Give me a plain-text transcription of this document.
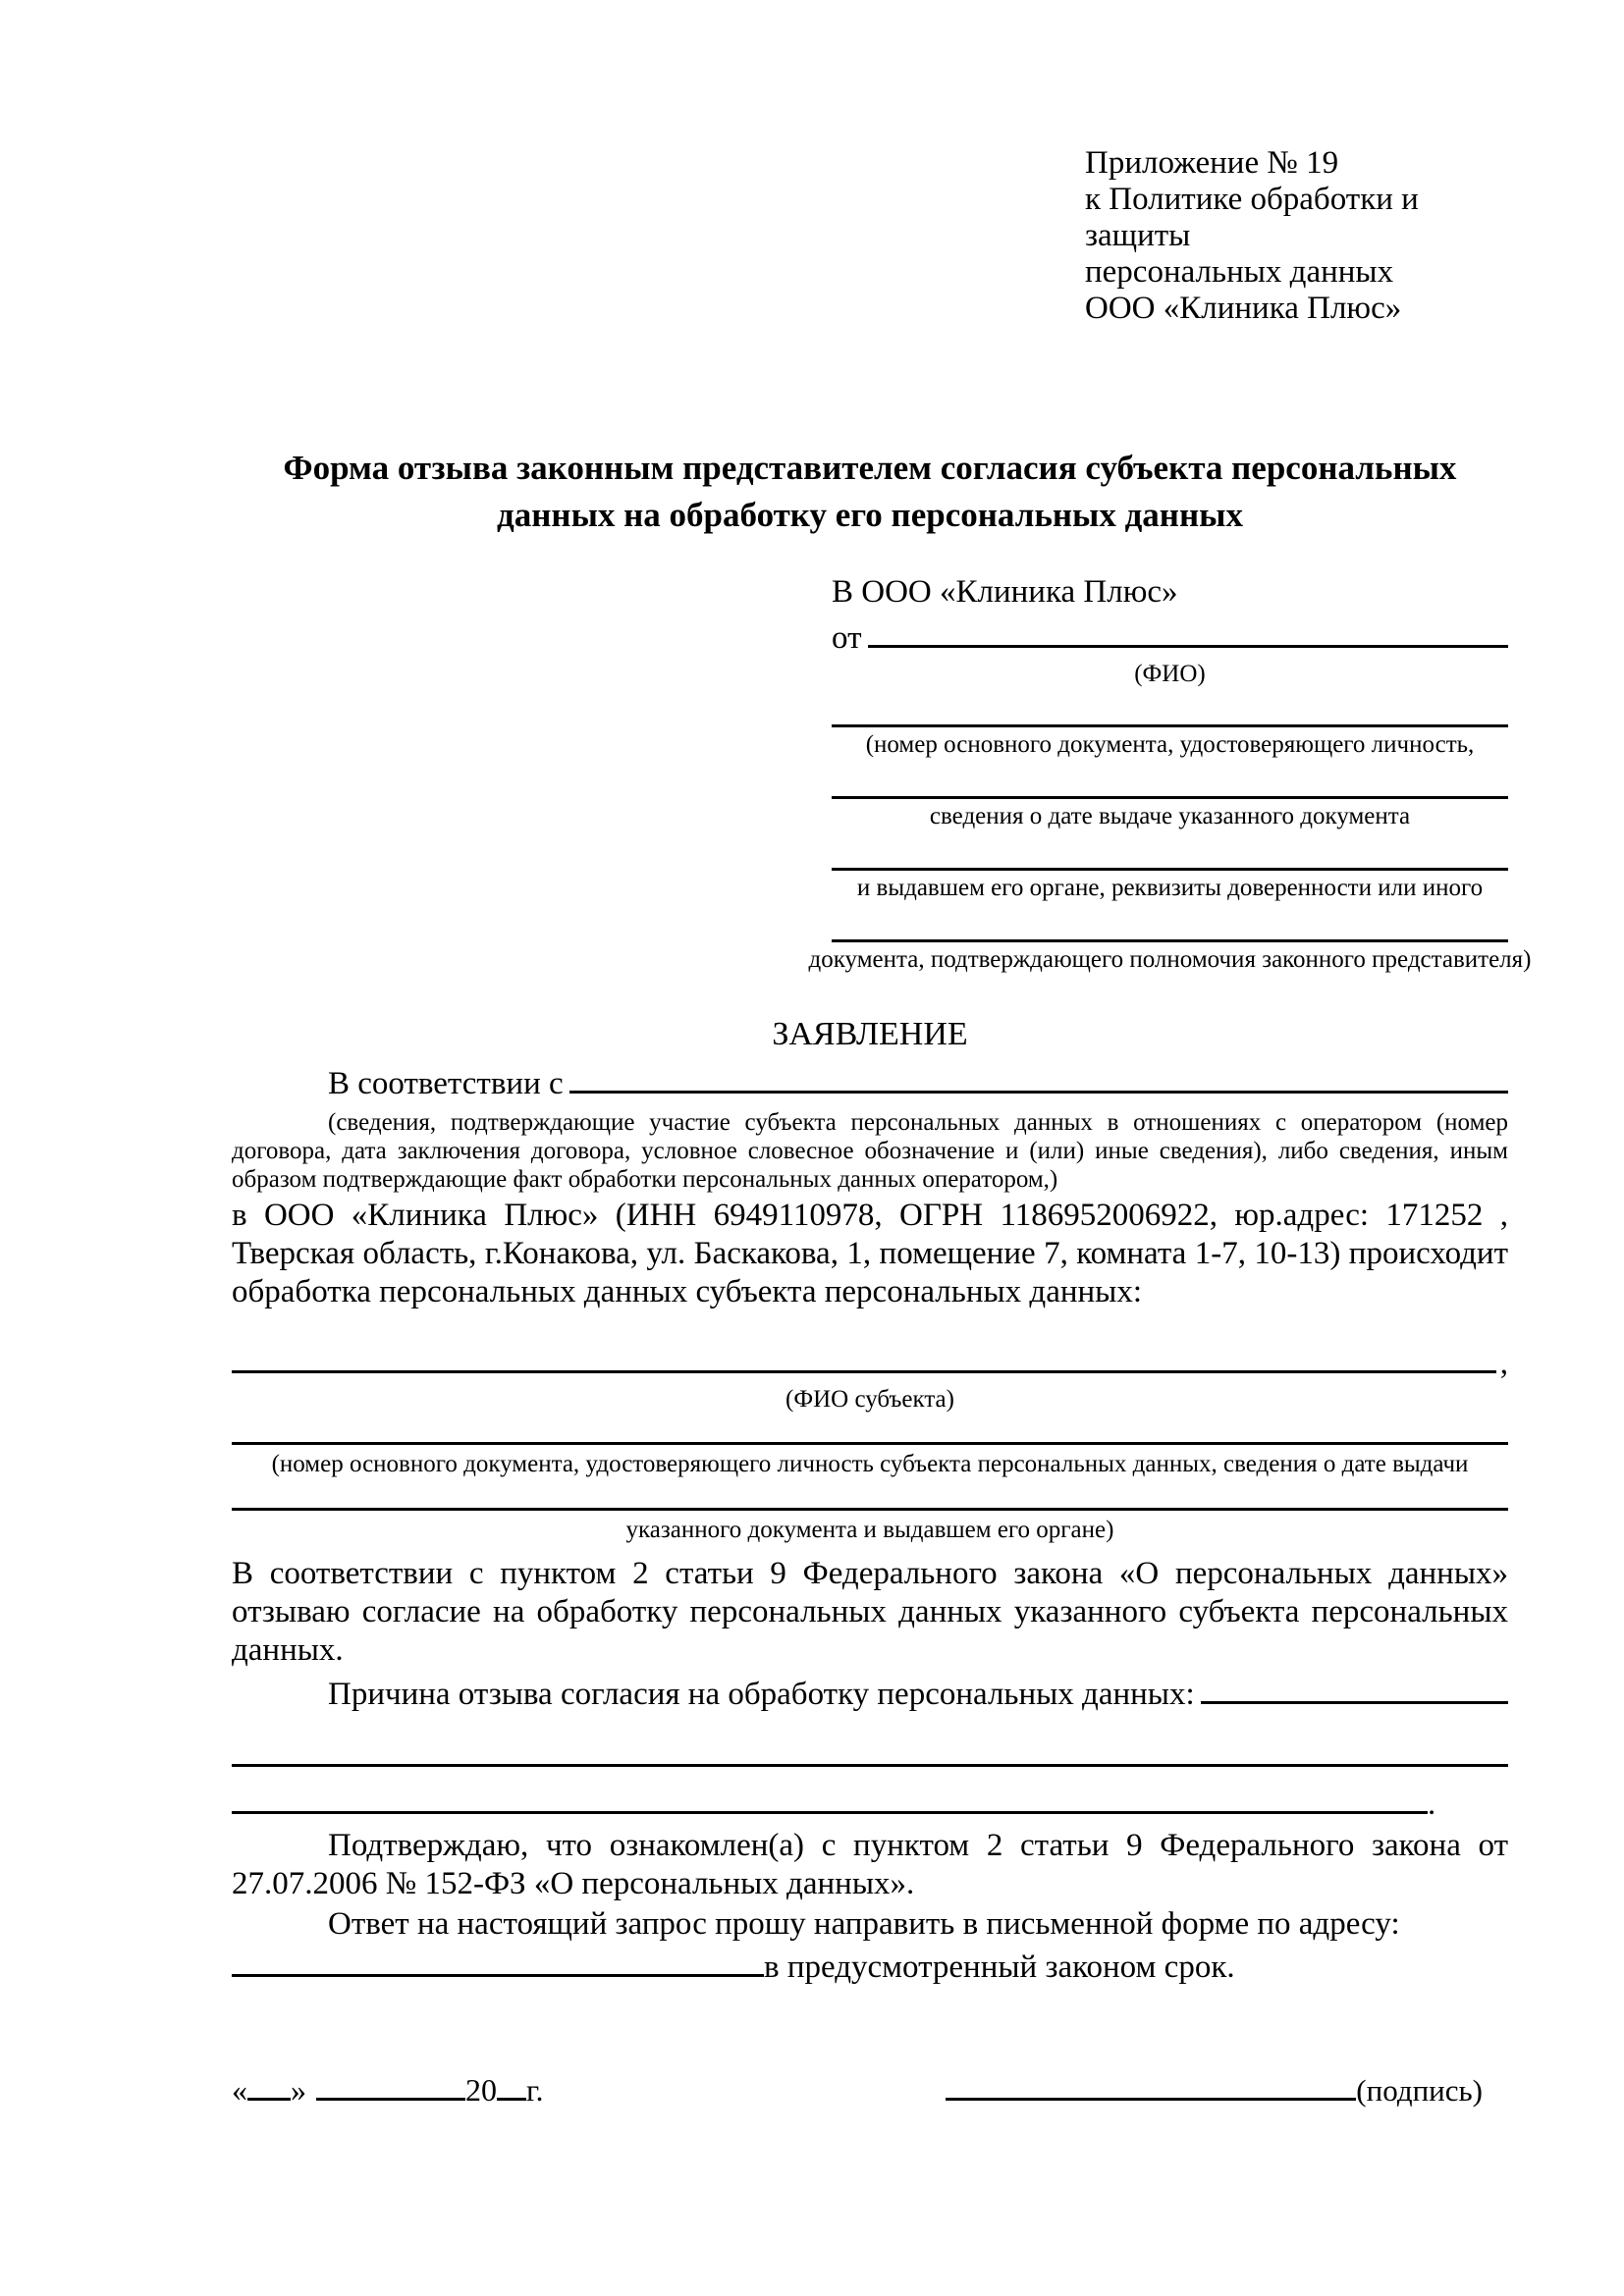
Приложение № 19
к Политике обработки и защиты
персональных данных
ООО «Клиника Плюс»
Форма отзыва законным представителем согласия субъекта персональных данных на обработку его персональных данных
В ООО «Клиника Плюс»
от
(ФИО)
(номер основного документа, удостоверяющего личность,
сведения о дате выдаче указанного документа
и выдавшем его органе, реквизиты доверенности или иного
документа, подтверждающего полномочия законного представителя)
ЗАЯВЛЕНИЕ
В соответствии с
(сведения, подтверждающие участие субъекта персональных данных в отношениях с оператором (номер договора, дата заключения договора, условное словесное обозначение и (или) иные сведения), либо сведения, иным образом подтверждающие факт обработки персональных данных оператором,)
в ООО «Клиника Плюс» (ИНН 6949110978, ОГРН 1186952006922, юр.адрес: 171252 , Тверская область, г.Конакова, ул. Баскакова, 1, помещение 7, комната 1-7, 10-13) происходит обработка персональных данных субъекта персональных данных:
,
(ФИО субъекта)
(номер основного документа, удостоверяющего личность субъекта персональных данных, сведения о дате выдачи
указанного документа и выдавшем его органе)
В соответствии с пунктом 2 статьи 9 Федерального закона «О персональных данных» отзываю согласие на обработку персональных данных указанного субъекта персональных данных.
Причина отзыва согласия на обработку персональных данных:
.
Подтверждаю, что ознакомлен(а) с пунктом 2 статьи 9 Федерального закона от 27.07.2006 № 152-ФЗ «О персональных данных».
Ответ на настоящий запрос прошу направить в письменной форме по адресу:
в предусмотренный законом срок.
« »	20 г.	(подпись)
